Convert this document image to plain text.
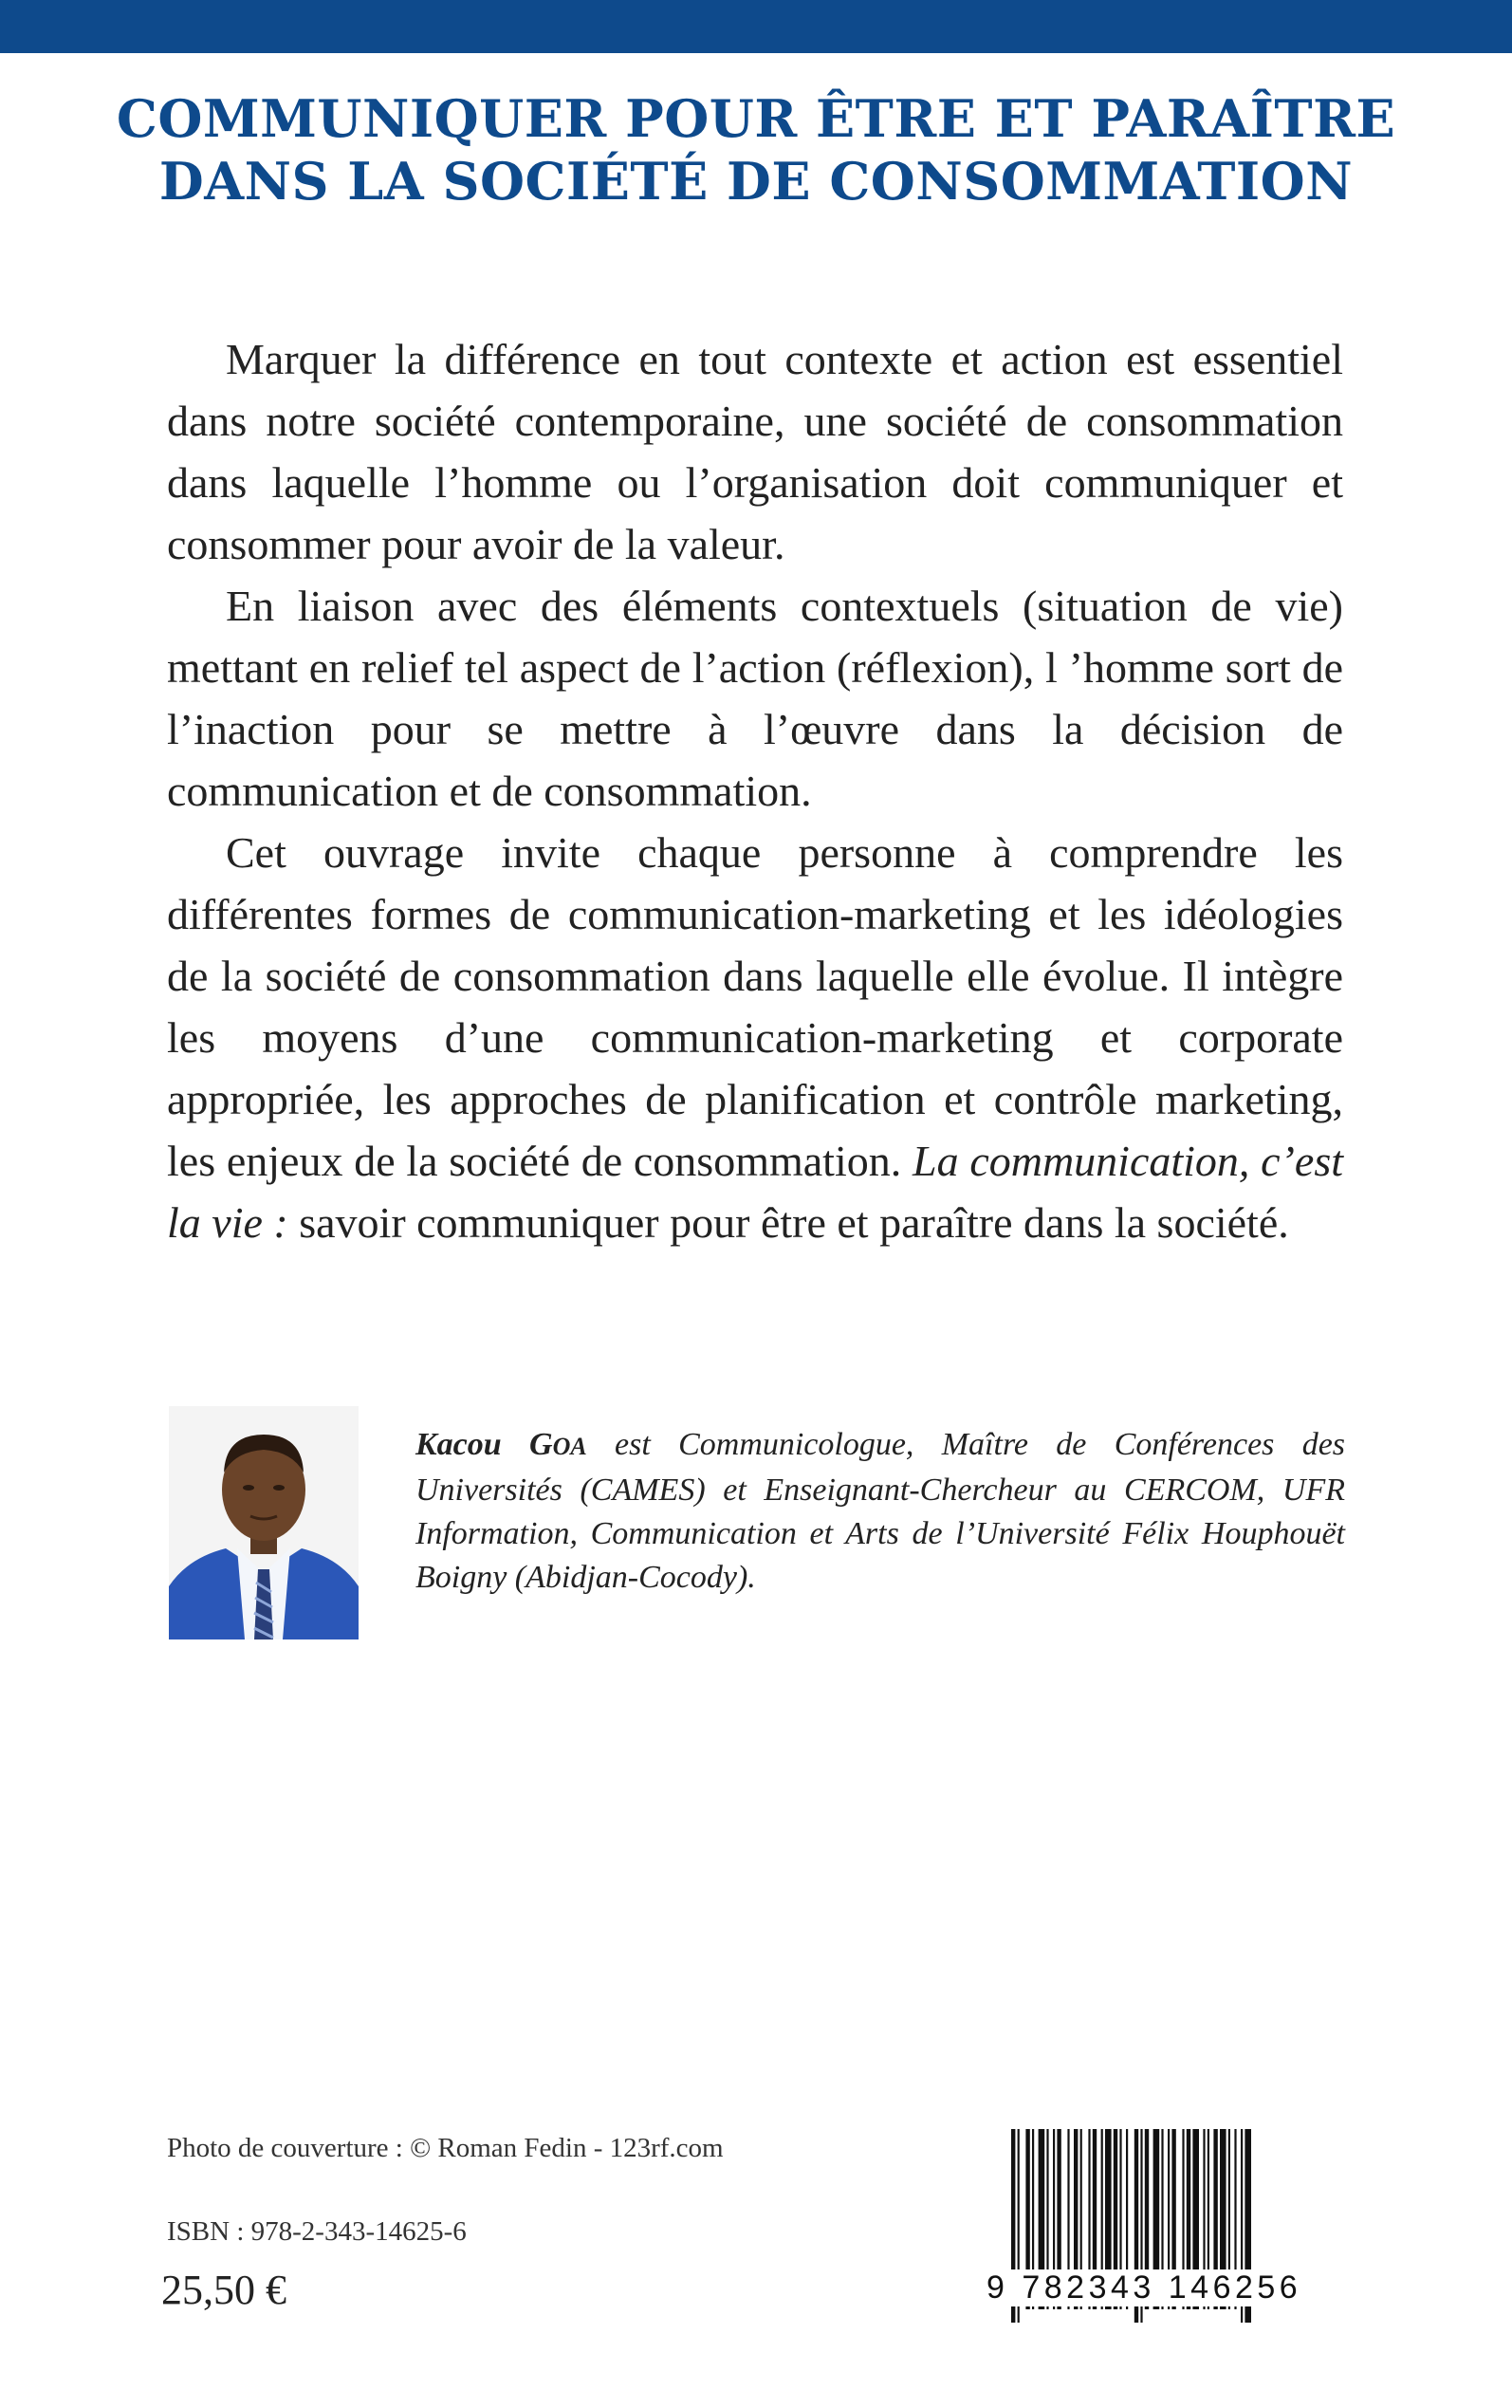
COMMUNIQUER POUR ÊTRE ET PARAÎTRE
DANS LA SOCIÉTÉ DE CONSOMMATION

Marquer la différence en tout contexte et action est essentiel dans notre société contemporaine, une société de consommation dans laquelle l’homme ou l’organisation doit communiquer et consommer pour avoir de la valeur.

En liaison avec des éléments contextuels (situation de vie) mettant en relief tel aspect de l’action (réflexion), l ’homme sort de l’inaction pour se mettre à l’œuvre dans la décision de communication et de consommation.

Cet ouvrage invite chaque personne à comprendre les différentes formes de communication-marketing et les idéologies de la société de consommation dans laquelle elle évolue. Il intègre les moyens d’une communication-marketing et corporate appropriée, les approches de planification et contrôle marketing, les enjeux de la société de consommation. La communication, c’est la vie : savoir communiquer pour être et paraître dans la société.

Kacou GOA est Communicologue, Maître de Conférences des Universités (CAMES) et Enseignant-Chercheur au CERCOM, UFR Information, Communication et Arts de l’Université Félix Houphouët Boigny (Abidjan-Cocody).
Photo de couverture : © Roman Fedin - 123rf.com
ISBN : 978-2-343-14625-6
25,50 €	9 782343 146256
